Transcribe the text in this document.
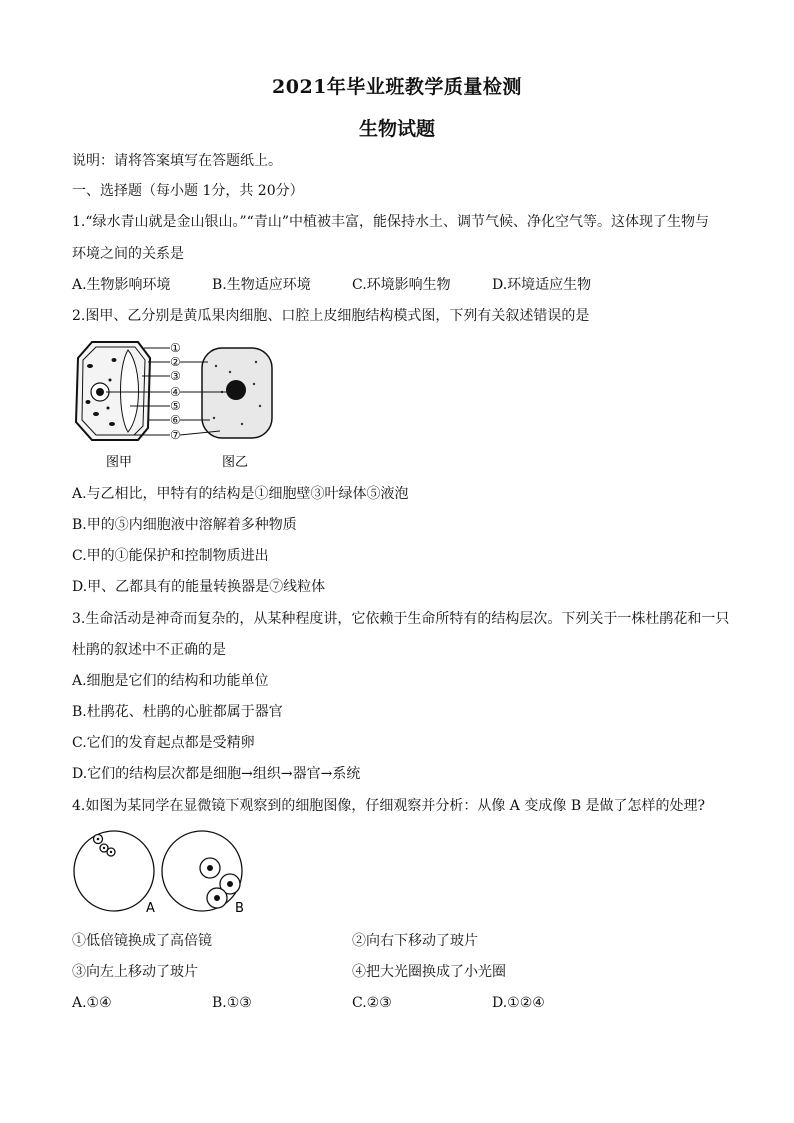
2021年毕业班教学质量检测
生物试题
说明：请将答案填写在答题纸上。
一、选择题（每小题 1分，共 20分）
1.“绿水青山就是金山银山。”“青山”中植被丰富，能保持水土、调节气候、净化空气等。这体现了生物与
环境之间的关系是
A.生物影响环境	B.生物适应环境	C.环境影响生物	D.环境适应生物
2.图甲、乙分别是黄瓜果肉细胞、口腔上皮细胞结构模式图，下列有关叙述错误的是
①
②
③
④
⑤
⑥
⑦
图甲	图乙
A.与乙相比，甲特有的结构是①细胞壁③叶绿体⑤液泡
B.甲的⑤内细胞液中溶解着多种物质
C.甲的①能保护和控制物质进出
D.甲、乙都具有的能量转换器是⑦线粒体
3.生命活动是神奇而复杂的，从某种程度讲，它依赖于生命所特有的结构层次。下列关于一株杜鹃花和一只
杜鹃的叙述中不正确的是
A.细胞是它们的结构和功能单位
B.杜鹃花、杜鹃的心脏都属于器官
C.它们的发育起点都是受精卵
D.它们的结构层次都是细胞→组织→器官→系统
4.如图为某同学在显微镜下观察到的细胞图像，仔细观察并分析：从像 A 变成像 B 是做了怎样的处理?
A	B
①低倍镜换成了高倍镜	②向右下移动了玻片
③向左上移动了玻片	④把大光圈换成了小光圈
A.①④	B.①③	C.②③	D.①②④
